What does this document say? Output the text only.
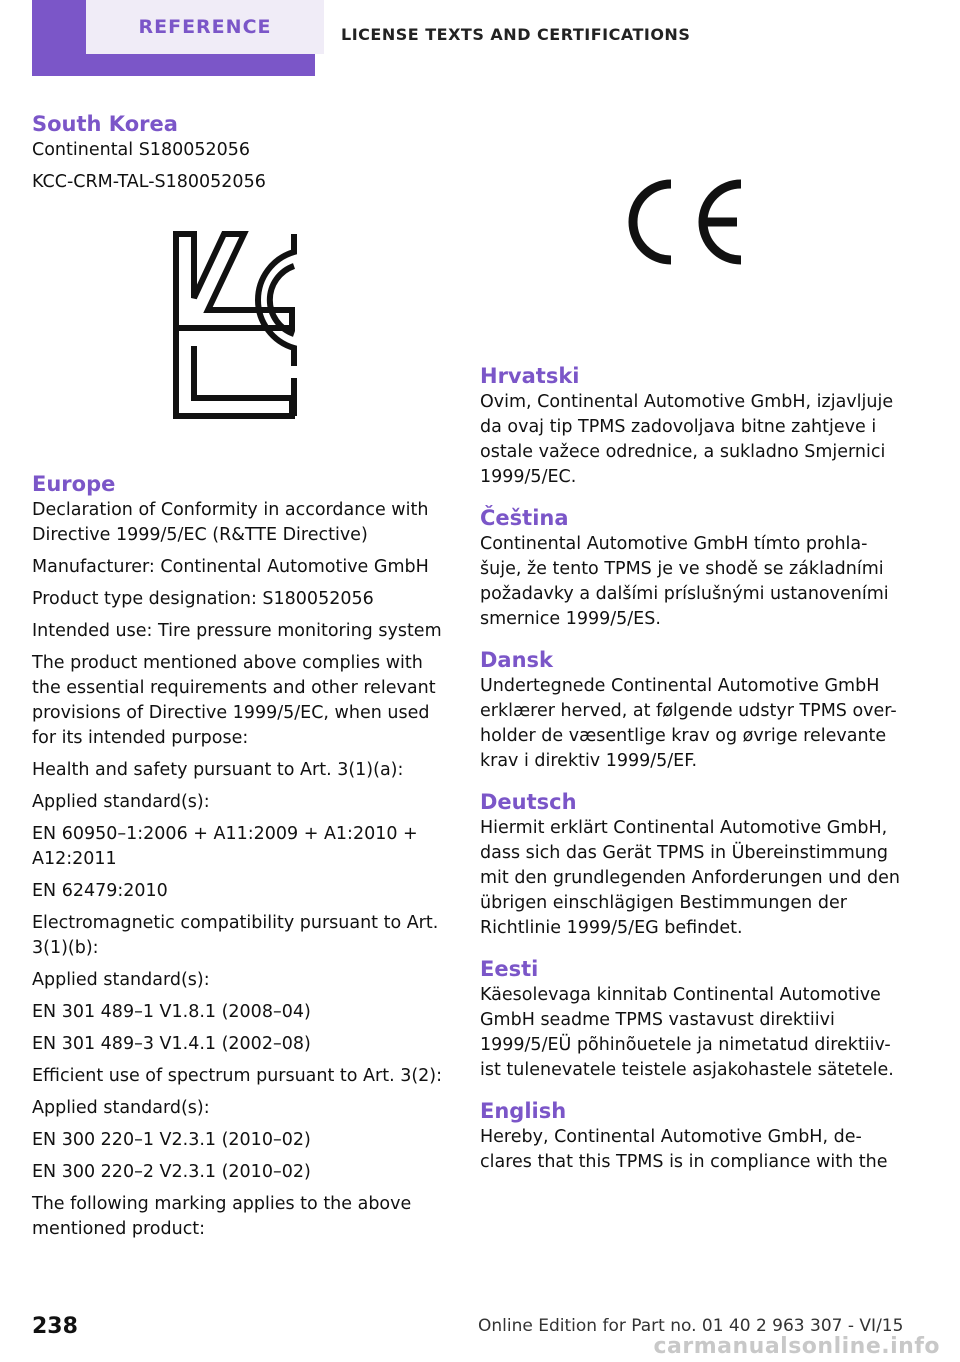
REFERENCE	LICENSE TEXTS AND CERTIFICATIONS
South Korea

Continental S180052056

KCC-CRM-TAL-S180052056

Europe

Declaration of Conformity in accordance with Directive 1999/5/EC (R&TTE Directive)

Manufacturer: Continental Automotive GmbH

Product type designation: S180052056

Intended use: Tire pressure monitoring system

The product mentioned above complies with the essential requirements and other relevant provisions of Directive 1999/5/EC, when used for its intended purpose:

Health and safety pursuant to Art. 3(1)(a):

Applied standard(s):

EN 60950–1:2006 + A11:2009 + A1:2010 + A12:2011

EN 62479:2010

Electromagnetic compatibility pursuant to Art. 3(1)(b):

Applied standard(s):

EN 301 489–1 V1.8.1 (2008–04)

EN 301 489–3 V1.4.1 (2002–08)

Efficient use of spectrum pursuant to Art. 3(2):

Applied standard(s):

EN 300 220–1 V2.3.1 (2010–02)

EN 300 220–2 V2.3.1 (2010–02)

The following marking applies to the above mentioned product:

Hrvatski

Ovim, Continental Automotive GmbH, izjavljuje da ovaj tip TPMS zadovoljava bitne zahtjeve i ostale važece odrednice, a sukladno Smjernici 1999/5/EC.

Čeština

Continental Automotive GmbH tímto prohla-šuje, že tento TPMS je ve shodě se základními požadavky a dalšími príslušnými ustanoveními smernice 1999/5/ES.

Dansk

Undertegnede Continental Automotive GmbH erklærer herved, at følgende udstyr TPMS over-holder de væsentlige krav og øvrige relevante krav i direktiv 1999/5/EF.

Deutsch

Hiermit erklärt Continental Automotive GmbH, dass sich das Gerät TPMS in Übereinstimmung mit den grundlegenden Anforderungen und den übrigen einschlägigen Bestimmungen der Richtlinie 1999/5/EG befindet.

Eesti

Käesolevaga kinnitab Continental Automotive GmbH seadme TPMS vastavust direktiivi 1999/5/EÜ põhinõuetele ja nimetatud direktiiv-ist tulenevatele teistele asjakohastele sätetele.

English

Hereby, Continental Automotive GmbH, de-clares that this TPMS is in compliance with the

238	Online Edition for Part no. 01 40 2 963 307 - VI/15
carmanualsonline.info
